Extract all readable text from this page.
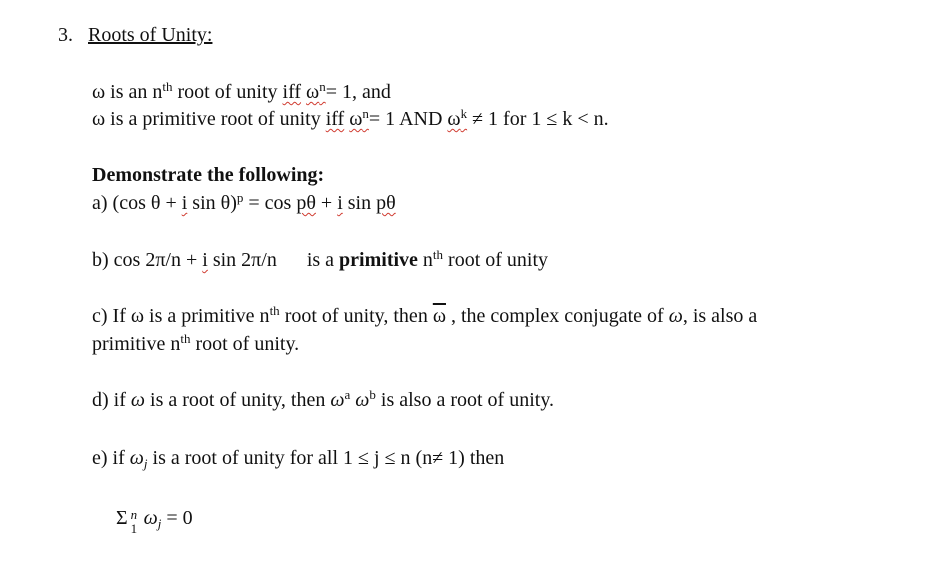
3. Roots of Unity:
ω is an $n^{th}$ root of unity iff $\omega^n= 1$, and
ω is a primitive root of unity iff $\omega^n= 1$ AND $\omega^k \ne 1$ for 1 ≤ k < n.
Demonstrate the following:
a) (cos θ + i sin θ)$^p$ = cos pθ + i sin pθ
b) cos 2π/n + i sin 2π/n      is a primitive $n^{th}$ root of unity
c) If ω is a primitive $n^{th}$ root of unity, then $\overline{\omega}$ , the complex conjugate of ω, is also a
primitive $n^{th}$ root of unity.
d) if ω is a root of unity, then $\omega^a$ $\omega^b$ is also a root of unity.
e) if $\omega_j$ is a root of unity for all 1 ≤ j ≤ n (n≠ 1) then
Σ n
1 $\omega_j = 0$
